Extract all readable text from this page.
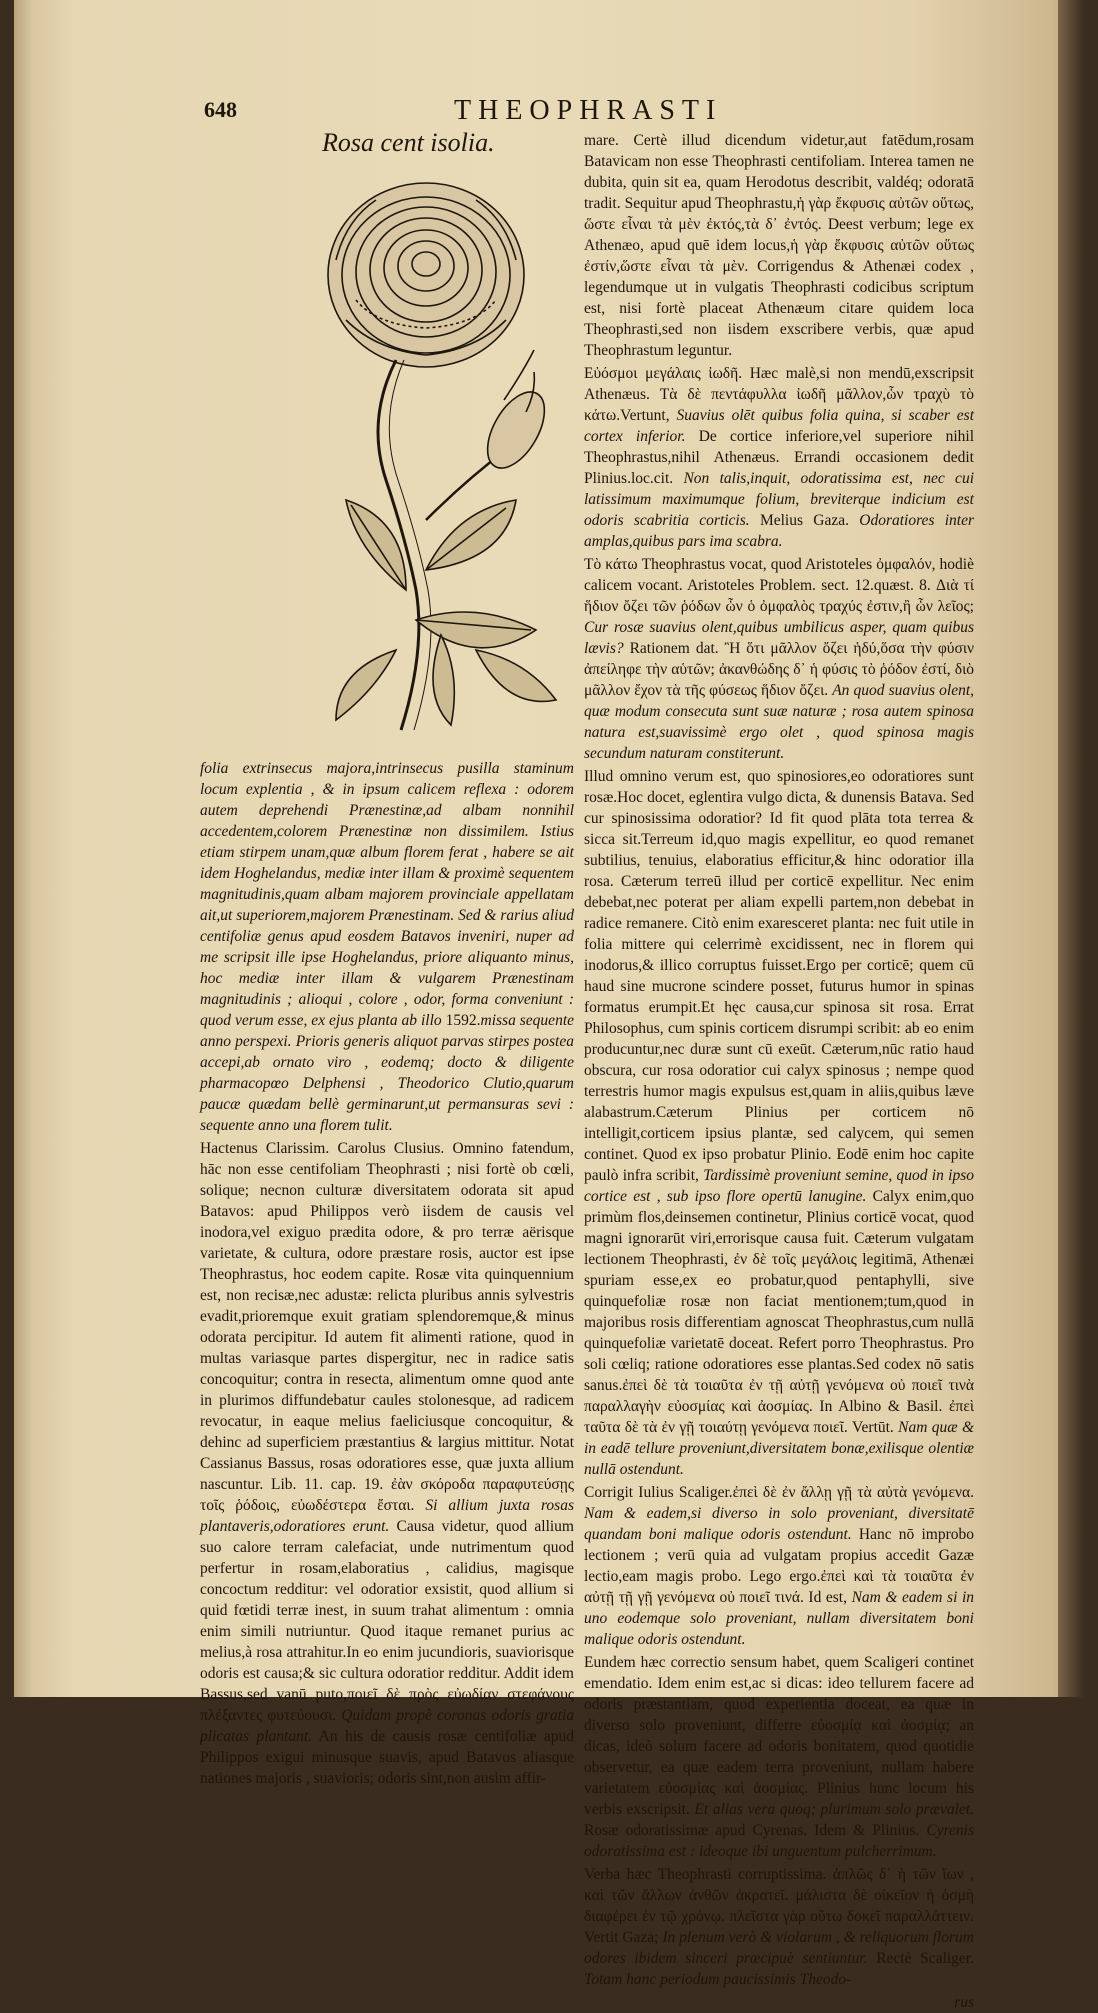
648	THEOPHRASTI
Rosa cent isolia.	mare. Certè illud dicendum videtur,aut fatēdum,rosam Batavicam non esse Theophrasti centifoliam. Interea tamen ne dubita, quin sit ea, quam Herodotus describit, valdéq; odoratā tradit. Sequitur apud Theophrastu,ἡ γὰρ ἔκφυσις αὐτῶν οὕτως, ὥστε εἶναι τὰ μὲν ἐκτός,τὰ δ᾽ ἐντός. Deest verbum; lege ex Athenæo, apud quē idem locus,ἡ γὰρ ἔκφυσις αὐτῶν οὕτως ἐστίν,ὥστε εἶναι τὰ μὲν. Corrigendus & Athenæi codex , legendumque ut in vulgatis Theophrasti codicibus scriptum est, nisi fortè placeat Athenæum citare quidem loca Theophrasti,sed non iisdem exscribere verbis, quæ apud Theophrastum leguntur.

Εὐόσμοι μεγάλαις ἰωδῆ. Hæc malè,si non mendū,exscripsit Athenæus. Τὰ δὲ πεντάφυλλα ἰωδῆ μᾶλλον,ὧν τραχὺ τὸ κάτω.Vertunt, Suavius olēt quibus folia quina, si scaber est cortex inferior. De cortice inferiore,vel superiore nihil Theophrastus,nihil Athenæus. Errandi occasionem dedit Plinius.loc.cit. Non talis,inquit, odoratissima est, nec cui latissimum maximumque folium, breviterque indicium est odoris scabritia corticis. Melius Gaza. Odoratiores inter amplas,quibus pars ima scabra.

Τὸ κάτω Theophrastus vocat, quod Aristoteles ὀμφαλόν, hodiè calicem vocant. Aristoteles Problem. sect. 12.quæst. 8. Διὰ τί ἥδιον ὄζει τῶν ῥόδων ὧν ὁ ὀμφαλὸς τραχύς ἐστιν,ἢ ὧν λεῖος; Cur rosæ suavius olent,quibus umbilicus asper, quam quibus lævis? Rationem dat. Ἢ ὅτι μᾶλλον ὄζει ἡδύ,ὅσα τὴν φύσιν ἀπείληφε τὴν αὑτῶν; ἀκανθώδης δ᾽ ἡ φύσις τὸ ῥόδον ἐστί, διὸ μᾶλλον ἔχον τὰ τῆς φύσεως ἥδιον ὄζει. An quod suavius olent, quæ modum consecuta sunt suæ naturæ ; rosa autem spinosa natura est,suavissimè ergo olet , quod spinosa magis secundum naturam constiterunt.

Illud omnino verum est, quo spinosiores,eo odoratiores sunt rosæ.Hoc docet, eglentira vulgo dicta, & dunensis Batava. Sed cur spinosissima odoratior? Id fit quod plāta tota terrea & sicca sit.Terreum id,quo magis expellitur, eo quod remanet subtilius, tenuius, elaboratius efficitur,& hinc odoratior illa rosa. Cæterum terreū illud per corticē expellitur. Nec enim debebat,nec poterat per aliam expelli partem,non debebat in radice remanere. Citò enim exaresceret planta: nec fuit utile in folia mittere qui celerrimè excidissent, nec in florem qui inodorus,& illico corruptus fuisset.Ergo per corticē; quem cū haud sine mucrone scindere posset, futurus humor in spinas formatus erumpit.Et hęc causa,cur spinosa sit rosa. Errat Philosophus, cum spinis corticem disrumpi scribit: ab eo enim producuntur,nec duræ sunt cū exeūt. Cæterum,nūc ratio haud obscura, cur rosa odoratior cui calyx spinosus ; nempe quod terrestris humor magis expulsus est,quam in aliis,quibus læve alabastrum.Cæterum Plinius per corticem nō intelligit,corticem ipsius plantæ, sed calycem, qui semen continet. Quod ex ipso probatur Plinio. Eodē enim hoc capite paulò infra scribit, Tardissimè proveniunt semine, quod in ipso cortice est , sub ipso flore opertū lanugine. Calyx enim,quo primùm flos,deinsemen continetur, Plinius corticē vocat, quod magni ignorarūt viri,errorisque causa fuit. Cæterum vulgatam lectionem Theophrasti, ἐν δὲ τοῖς μεγάλοις legitimā, Athenæi spuriam esse,ex eo probatur,quod pentaphylli, sive quinquefoliæ rosæ non faciat mentionem;tum,quod in majoribus rosis differentiam agnoscat Theophrastus,cum nullā quinquefoliæ varietatē doceat. Refert porro Theophrastus. Pro soli cœliq; ratione odoratiores esse plantas.Sed codex nō satis sanus.ἐπεὶ δὲ τὰ τοιαῦτα ἐν τῇ αὐτῇ γενόμενα οὐ ποιεῖ τινὰ παραλλαγὴν εὐοσμίας καὶ ἀοσμίας. In Albino & Basil. ἐπεὶ ταῦτα δὲ τὰ ἐν γῇ τοιαύτῃ γενόμενα ποιεῖ. Vertūt. Nam quæ & in eadē tellure proveniunt,diversitatem bonæ,exilisque olentiæ nullā ostendunt.

Corrigit Iulius Scaliger.ἐπεὶ δὲ ἐν ἄλλῃ γῇ τὰ αὐτὰ γενόμενα. Nam & eadem,si diverso in solo proveniant, diversitatē quandam boni malique odoris ostendunt. Hanc nō improbo lectionem ; verū quia ad vulgatam propius accedit Gazæ lectio,eam magis probo. Lego ergo.ἐπεὶ καὶ τὰ τοιαῦτα ἐν αὐτῇ τῇ γῇ γενόμενα οὐ ποιεῖ τινά. Id est, Nam & eadem si in uno eodemque solo proveniant, nullam diversitatem boni malique odoris ostendunt.

Eundem hæc correctio sensum habet, quem Scaligeri continet emendatio. Idem enim est,ac si dicas: ideo tellurem facere ad odoris præstantiam, quod experientia doceat, ea quæ in diverso solo proveniunt, differre εὐοσμίᾳ καὶ ἀοσμίᾳ; an dicas, ideò solum facere ad odoris bonitatem, quod quotidie observetur, ea quæ eadem terra proveniunt, nullam habere varietatem εὐοσμίας καὶ ἀοσμίας. Plinius hunc locum his verbis exscripsit. Et alias vera quoq; plurimum solo prævalet. Rosæ odoratissimæ apud Cyrenas. Idem & Plinius. Cyrenis odoratissima est : ideoque ibi unguentum pulcherrimum.

Verba hæc Theophrasti corruptissima. ἁπλῶς δ᾽ ἡ τῶν ἴων , καὶ τῶν ἄλλων ἀνθῶν ἀκρατεῖ. μάλιστα δὲ οἰκεῖον ἡ ὀσμὴ διαφέρει ἐν τῷ χρόνῳ. πλεῖστα γὰρ οὕτω δοκεῖ παραλλάττειν. Vertit Gaza; In plenum verò & violarum , & reliquorum florum odores ibidem sinceri præcipuè sentiuntur. Rectè Scaliger. Totam hanc periodum paucissimis Theodo-

rus

folia extrinsecus majora,intrinsecus pusilla staminum locum explentia , & in ipsum calicem reflexa : odorem autem deprehendi Prænestinæ,ad albam nonnihil accedentem,colorem Prænestinæ non dissimilem. Istius etiam stirpem unam,quæ album florem ferat , habere se ait idem Hoghelandus, mediæ inter illam & proximè sequentem magnitudinis,quam albam majorem provinciale appellatam ait,ut superiorem,majorem Prænestinam. Sed & rarius aliud centifoliæ genus apud eosdem Batavos inveniri, nuper ad me scripsit ille ipse Hoghelandus, priore aliquanto minus, hoc mediæ inter illam & vulgarem Prænestinam magnitudinis ; alioqui , colore , odor, forma conveniunt : quod verum esse, ex ejus planta ab illo 1592.missa sequente anno perspexi. Prioris generis aliquot parvas stirpes postea accepi,ab ornato viro , eodemq; docto & diligente pharmacopœo Delphensi , Theodorico Clutio,quarum paucæ quædam bellè germinarunt,ut permansuras sevi : sequente anno una florem tulit.

Hactenus Clarissim. Carolus Clusius. Omnino fatendum, hāc non esse centifoliam Theophrasti ; nisi fortè ob cœli, solique; necnon culturæ diversitatem odorata sit apud Batavos: apud Philippos verò iisdem de causis vel inodora,vel exiguo prædita odore, & pro terræ aërisque varietate, & cultura, odore præstare rosis, auctor est ipse Theophrastus, hoc eodem capite. Rosæ vita quinquennium est, non recisæ,nec adustæ: relicta pluribus annis sylvestris evadit,prioremque exuit gratiam splendoremque,& minus odorata percipitur. Id autem fit alimenti ratione, quod in multas variasque partes dispergitur, nec in radice satis concoquitur; contra in resecta, alimentum omne quod ante in plurimos diffundebatur caules stolonesque, ad radicem revocatur, in eaque melius faeliciusque concoquitur, & dehinc ad superficiem præstantius & largius mittitur. Notat Cassianus Bassus, rosas odoratiores esse, quæ juxta allium nascuntur. Lib. 11. cap. 19. ἐὰν σκόροδα παραφυτεύσῃς τοῖς ῥόδοις, εὐωδέστερα ἔσται. Si allium juxta rosas plantaveris,odoratiores erunt. Causa videtur, quod allium suo calore terram calefaciat, unde nutrimentum quod perfertur in rosam,elaboratius , calidius, magisque concoctum redditur: vel odoratior exsistit, quod allium si quid fœtidi terræ inest, in suum trahat alimentum : omnia enim simili nutriuntur. Quod itaque remanet purius ac melius,à rosa attrahitur.In eo enim jucundioris, suaviorisque odoris est causa;& sic cultura odoratior redditur. Addit idem Bassus,sed vanū puto,ποιεῖ δὲ πρὸς εὐωδίαν στεφάνους πλέξαντες φυτεύουσι. Quidam propè coronas odoris gratia plicatas plantant. An his de causis rosæ centifoliæ apud Philippos exigui minusque suavis, apud Batavos aliasque nationes majoris , suavioris; odoris sint,non ausim affir-
